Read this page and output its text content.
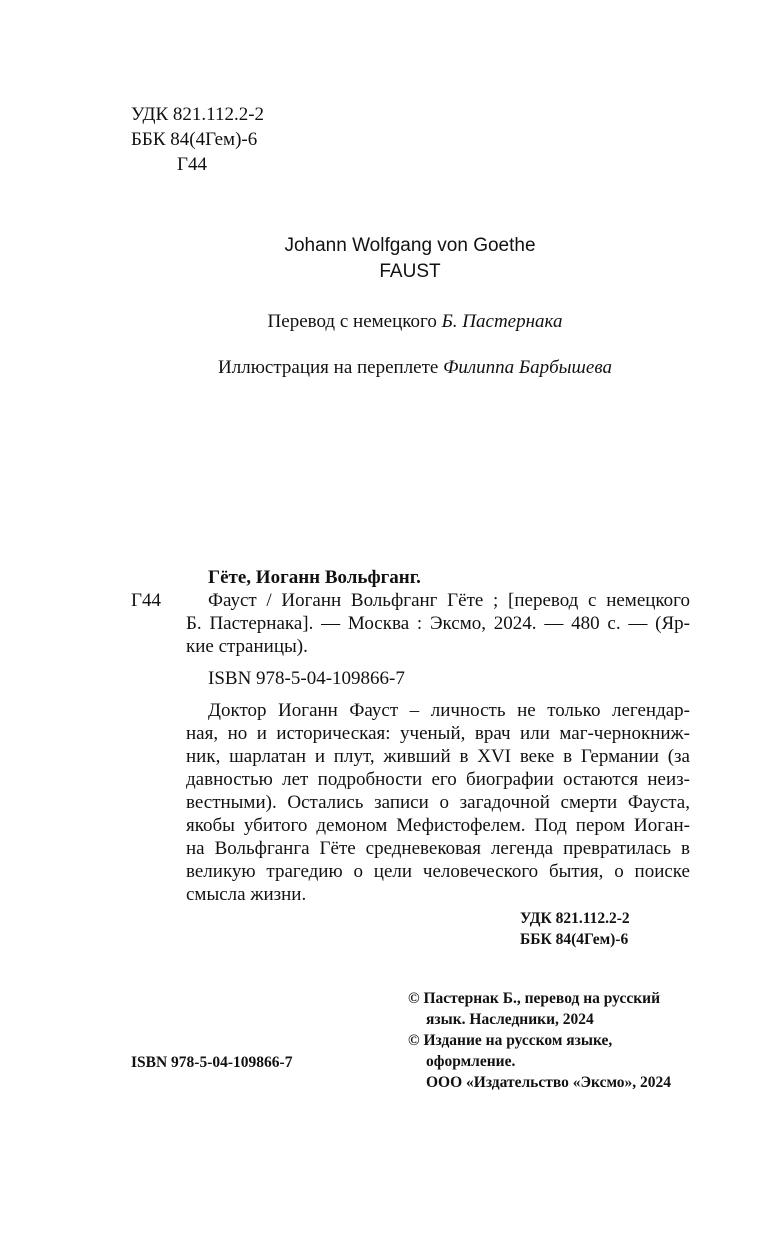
УДК 821.112.2-2
ББК 84(4Гем)-6
Г44
Johann Wolfgang von Goethe
FAUST
Перевод с немецкого Б. Пастернака
Иллюстрация на переплете Филиппа Барбышева
Гёте, Иоганн Вольфганг.
Г44 Фауст / Иоганн Вольфганг Гёте ; [перевод с немецкого
Б. Пастернака]. — Москва : Эксмо, 2024. — 480 с. — (Яр-
кие страницы).
ISBN 978-5-04-109866-7
Доктор Иоганн Фауст – личность не только легендар-
ная, но и историческая: ученый, врач или маг-чернокниж-
ник, шарлатан и плут, живший в XVI веке в Германии (за
давностью лет подробности его биографии остаются неиз-
вестными). Остались записи о загадочной смерти Фауста,
якобы убитого демоном Мефистофелем. Под пером Иоган-
на Вольфганга Гёте средневековая легенда превратилась в
великую трагедию о цели человеческого бытия, о поиске
смысла жизни.
УДК 821.112.2-2
ББК 84(4Гем)-6
© Пастернак Б., перевод на русский
язык. Наследники, 2024
© Издание на русском языке,
оформление.
ООО «Издательство «Эксмо», 2024
ISBN 978-5-04-109866-7
